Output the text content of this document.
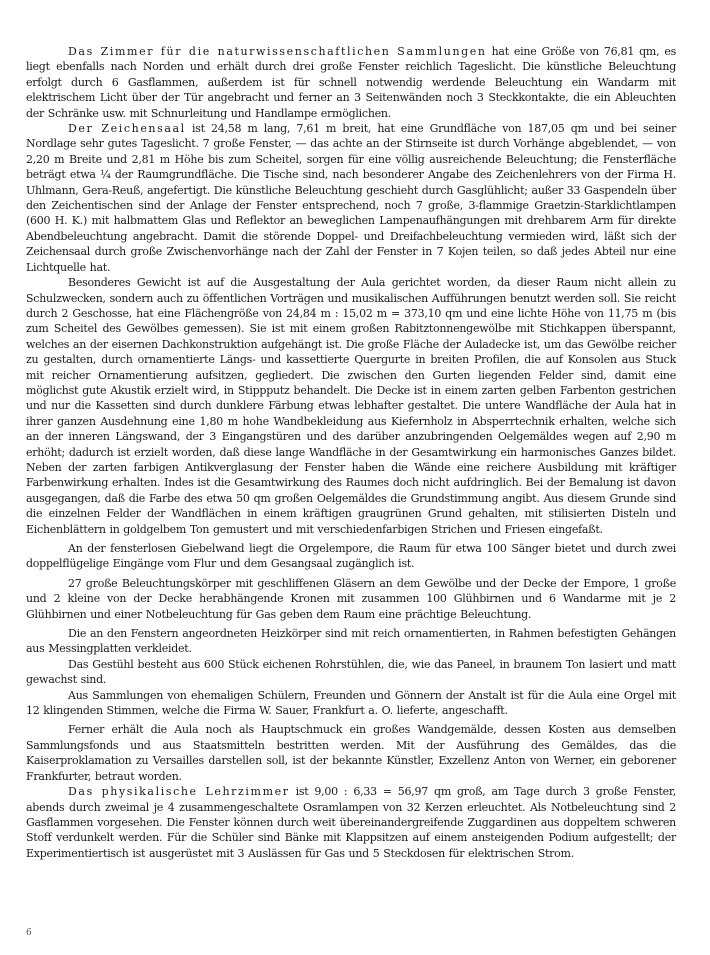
Das Zimmer für die naturwissenschaftlichen Sammlungen hat eine Größe von 76,81 qm, es liegt ebenfalls nach Norden und erhält durch drei große Fenster reichlich Tageslicht. Die künstliche Beleuchtung erfolgt durch 6 Gasflammen, außerdem ist für schnell notwendig werdende Beleuchtung ein Wandarm mit elektrischem Licht über der Tür angebracht und ferner an 3 Seitenwänden noch 3 Steckkontakte, die ein Ableuchten der Schränke usw. mit Schnurleitung und Handlampe ermöglichen.

Der Zeichensaal ist 24,58 m lang, 7,61 m breit, hat eine Grundfläche von 187,05 qm und bei seiner Nordlage sehr gutes Tageslicht. 7 große Fenster, — das achte an der Stirnseite ist durch Vorhänge abgeblendet, — von 2,20 m Breite und 2,81 m Höhe bis zum Scheitel, sorgen für eine völlig ausreichende Beleuchtung; die Fensterfläche beträgt etwa ¼ der Raumgrundfläche. Die Tische sind, nach besonderer Angabe des Zeichenlehrers von der Firma H. Uhlmann, Gera-Reuß, angefertigt. Die künstliche Beleuchtung geschieht durch Gasglühlicht; außer 33 Gaspendeln über den Zeichentischen sind der Anlage der Fenster entsprechend, noch 7 große, 3-flammige Graetzin-Starklichtlampen (600 H. K.) mit halbmattem Glas und Reflektor an beweglichen Lampenaufhängungen mit drehbarem Arm für direkte Abendbeleuchtung angebracht. Damit die störende Doppel- und Dreifachbeleuchtung vermieden wird, läßt sich der Zeichensaal durch große Zwischenvorhänge nach der Zahl der Fenster in 7 Kojen teilen, so daß jedes Abteil nur eine Lichtquelle hat.

Besonderes Gewicht ist auf die Ausgestaltung der Aula gerichtet worden, da dieser Raum nicht allein zu Schulzwecken, sondern auch zu öffentlichen Vorträgen und musikalischen Aufführungen benutzt werden soll. Sie reicht durch 2 Geschosse, hat eine Flächengröße von 24,84 m : 15,02 m = 373,10 qm und eine lichte Höhe von 11,75 m (bis zum Scheitel des Gewölbes gemessen). Sie ist mit einem großen Rabitztonnengewölbe mit Stichkappen überspannt, welches an der eisernen Dachkonstruktion aufgehängt ist. Die große Fläche der Auladecke ist, um das Gewölbe reicher zu gestalten, durch ornamentierte Längs- und kassettierte Quergurte in breiten Profilen, die auf Konsolen aus Stuck mit reicher Ornamentierung aufsitzen, gegliedert. Die zwischen den Gurten liegenden Felder sind, damit eine möglichst gute Akustik erzielt wird, in Stippputz behandelt. Die Decke ist in einem zarten gelben Farbenton gestrichen und nur die Kassetten sind durch dunklere Färbung etwas lebhafter gestaltet. Die untere Wandfläche der Aula hat in ihrer ganzen Ausdehnung eine 1,80 m hohe Wandbekleidung aus Kiefernholz in Absperrtechnik erhalten, welche sich an der inneren Längswand, der 3 Eingangstüren und des darüber anzubringenden Oelgemäldes wegen auf 2,90 m erhöht; dadurch ist erzielt worden, daß diese lange Wandfläche in der Gesamtwirkung ein harmonisches Ganzes bildet. Neben der zarten farbigen Antikverglasung der Fenster haben die Wände eine reichere Ausbildung mit kräftiger Farbenwirkung erhalten. Indes ist die Gesamtwirkung des Raumes doch nicht aufdringlich. Bei der Bemalung ist davon ausgegangen, daß die Farbe des etwa 50 qm großen Oelgemäldes die Grundstimmung angibt. Aus diesem Grunde sind die einzelnen Felder der Wandflächen in einem kräftigen graugrünen Grund gehalten, mit stilisierten Disteln und Eichenblättern in goldgelbem Ton gemustert und mit verschiedenfarbigen Strichen und Friesen eingefaßt.

An der fensterlosen Giebelwand liegt die Orgelempore, die Raum für etwa 100 Sänger bietet und durch zwei doppelflügelige Eingänge vom Flur und dem Gesangsaal zugänglich ist.

27 große Beleuchtungskörper mit geschliffenen Gläsern an dem Gewölbe und der Decke der Empore, 1 große und 2 kleine von der Decke herabhängende Kronen mit zusammen 100 Glühbirnen und 6 Wandarme mit je 2 Glühbirnen und einer Notbeleuchtung für Gas geben dem Raum eine prächtige Beleuchtung.

Die an den Fenstern angeordneten Heizkörper sind mit reich ornamentierten, in Rahmen befestigten Gehängen aus Messingplatten verkleidet.

Das Gestühl besteht aus 600 Stück eichenen Rohrstühlen, die, wie das Paneel, in braunem Ton lasiert und matt gewachst sind.

Aus Sammlungen von ehemaligen Schülern, Freunden und Gönnern der Anstalt ist für die Aula eine Orgel mit 12 klingenden Stimmen, welche die Firma W. Sauer, Frankfurt a. O. lieferte, angeschafft.

Ferner erhält die Aula noch als Hauptschmuck ein großes Wandgemälde, dessen Kosten aus demselben Sammlungsfonds und aus Staatsmitteln bestritten werden. Mit der Ausführung des Gemäldes, das die Kaiserproklamation zu Versailles darstellen soll, ist der bekannte Künstler, Exzellenz Anton von Werner, ein geborener Frankfurter, betraut worden.

Das physikalische Lehrzimmer ist 9,00 : 6,33 = 56,97 qm groß, am Tage durch 3 große Fenster, abends durch zweimal je 4 zusammengeschaltete Osramlampen von 32 Kerzen erleuchtet. Als Notbeleuchtung sind 2 Gasflammen vorgesehen. Die Fenster können durch weit übereinandergreifende Zuggardinen aus doppeltem schweren Stoff verdunkelt werden. Für die Schüler sind Bänke mit Klappsitzen auf einem ansteigenden Podium aufgestellt; der Experimentiertisch ist ausgerüstet mit 3 Auslässen für Gas und 5 Steckdosen für elektrischen Strom.

6
